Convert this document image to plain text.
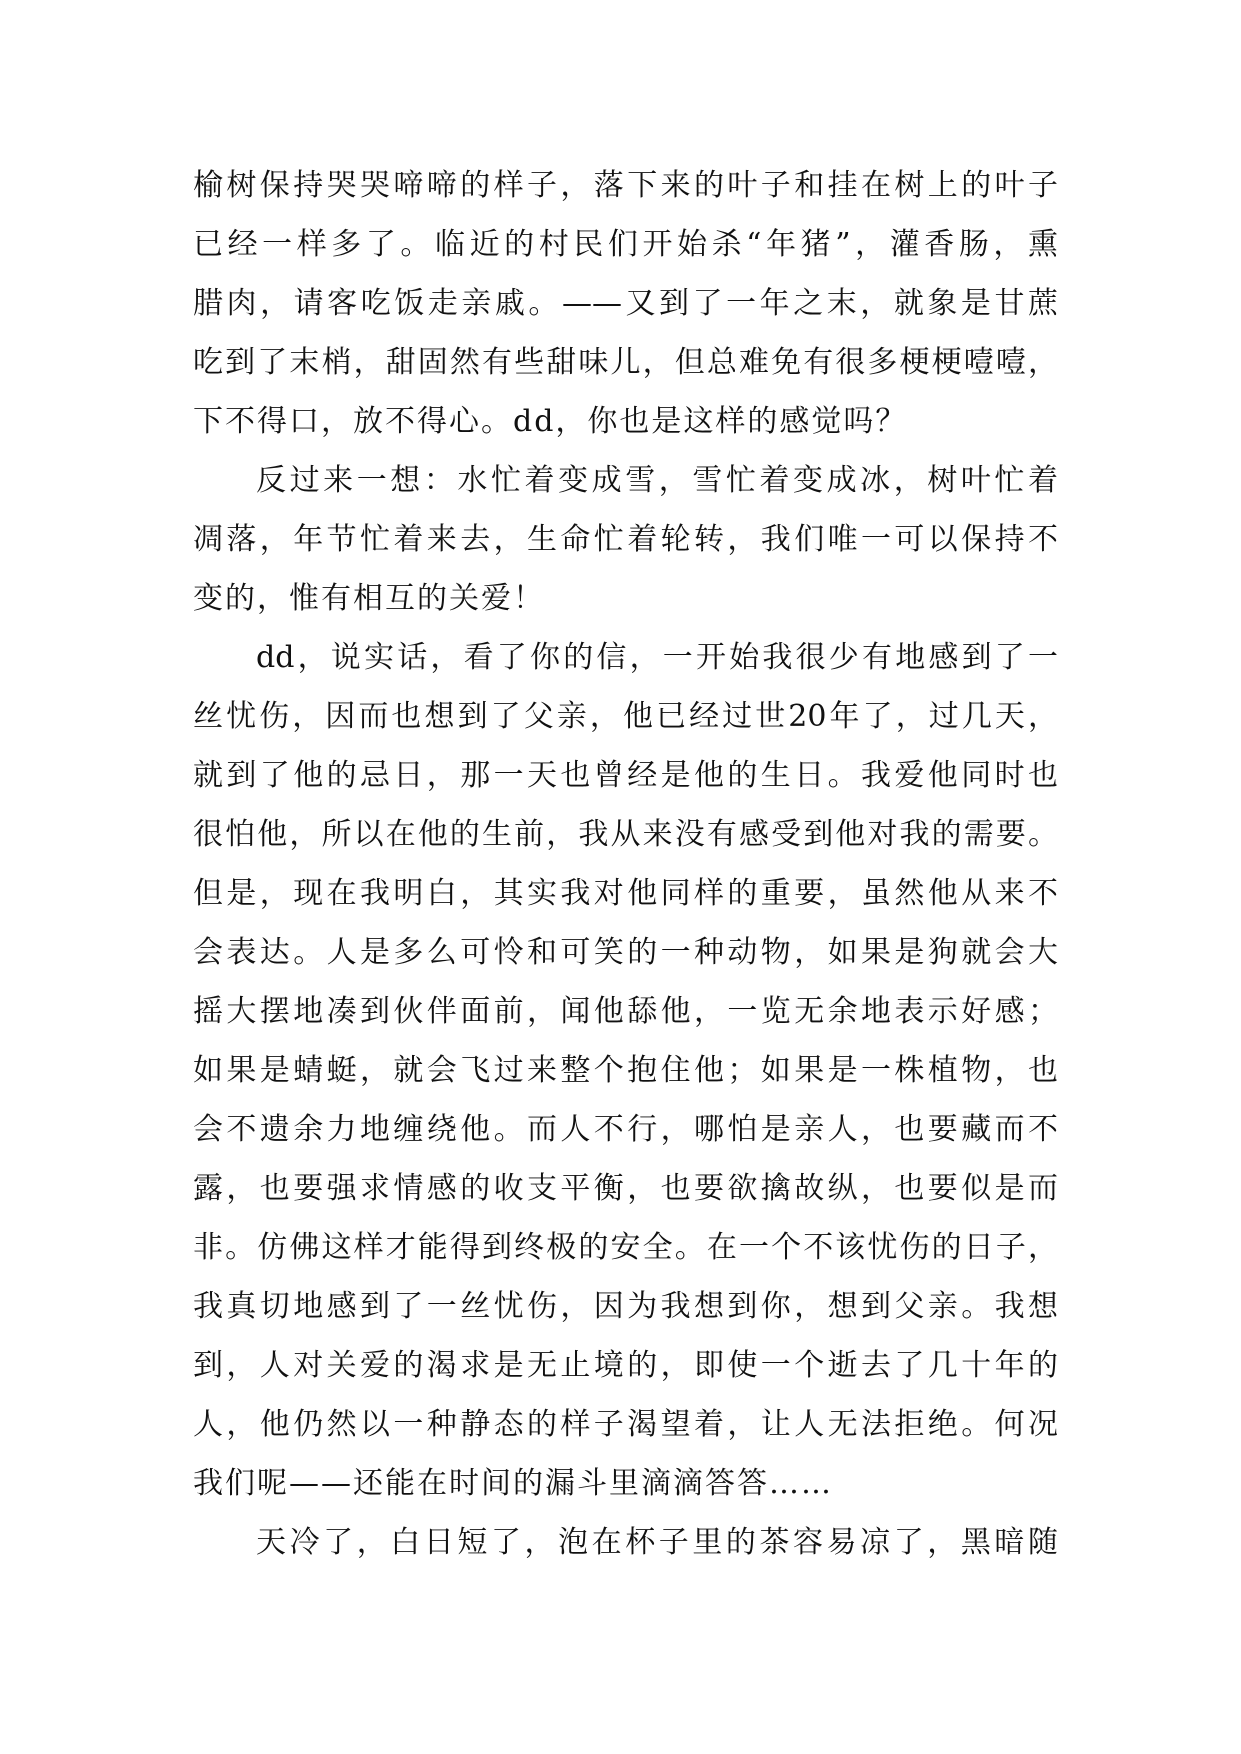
榆树保持哭哭啼啼的样子，落下来的叶子和挂在树上的叶子
已经一样多了。临近的村民们开始杀“年猪”，灌香肠，熏
腊肉，请客吃饭走亲戚。——又到了一年之末，就象是甘蔗
吃到了末梢，甜固然有些甜味儿，但总难免有很多梗梗噎噎，
下不得口，放不得心。dd，你也是这样的感觉吗？
反过来一想：水忙着变成雪，雪忙着变成冰，树叶忙着
凋落，年节忙着来去，生命忙着轮转，我们唯一可以保持不
变的，惟有相互的关爱！
dd，说实话，看了你的信，一开始我很少有地感到了一
丝忧伤，因而也想到了父亲，他已经过世20年了，过几天，
就到了他的忌日，那一天也曾经是他的生日。我爱他同时也
很怕他，所以在他的生前，我从来没有感受到他对我的需要。
但是，现在我明白，其实我对他同样的重要，虽然他从来不
会表达。人是多么可怜和可笑的一种动物，如果是狗就会大
摇大摆地凑到伙伴面前，闻他舔他，一览无余地表示好感；
如果是蜻蜓，就会飞过来整个抱住他；如果是一株植物，也
会不遗余力地缠绕他。而人不行，哪怕是亲人，也要藏而不
露，也要强求情感的收支平衡，也要欲擒故纵，也要似是而
非。仿佛这样才能得到终极的安全。在一个不该忧伤的日子，
我真切地感到了一丝忧伤，因为我想到你，想到父亲。我想
到，人对关爱的渴求是无止境的，即使一个逝去了几十年的
人，他仍然以一种静态的样子渴望着，让人无法拒绝。何况
我们呢——还能在时间的漏斗里滴滴答答……
天冷了，白日短了，泡在杯子里的茶容易凉了，黑暗随
